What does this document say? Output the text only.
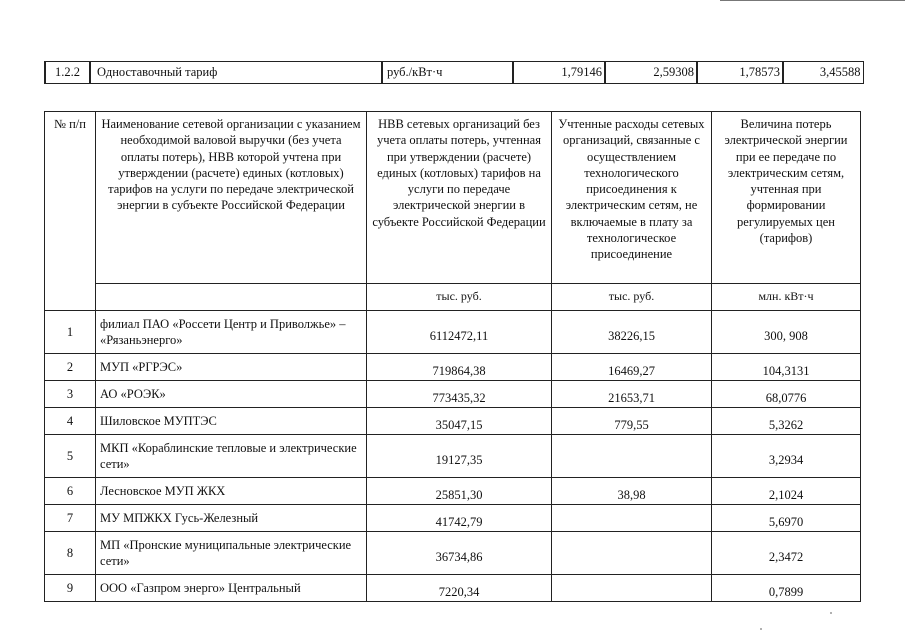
1.2.2	Одноставочный тариф	руб./кВт·ч	1,79146	2,59308	1,78573	3,45588
№ п/п	Наименование сетевой организации с указанием необходимой валовой выручки (без учета оплаты потерь), НВВ которой учтена при утверждении (расчете) единых (котловых) тарифов на услуги по передаче электрической энергии в субъекте Российской Федерации	НВВ сетевых организаций без учета оплаты потерь, учтенная при утверждении (расчете) единых (котловых) тарифов на услуги по передаче электрической энергии в субъекте Российской Федерации	Учтенные расходы сетевых организаций, связанные с осуществлением технологического присоединения к электрическим сетям, не включаемые в плату за технологическое присоединение	Величина потерь электрической энергии при ее передаче по электрическим сетям, учтенная при формировании регулируемых цен (тарифов)

		тыс. руб.	тыс. руб.	млн. кВт·ч
1	филиал ПАО «Россети Центр и Приволжье» – «Рязаньэнерго»	6112472,11	38226,15	300, 908
2	МУП «РГРЭС»	719864,38	16469,27	104,3131
3	АО «РОЭК»	773435,32	21653,71	68,0776
4	Шиловское МУПТЭС	35047,15	779,55	5,3262
5	МКП «Кораблинские тепловые и электрические сети»	19127,35		3,2934
6	Лесновское МУП ЖКХ	25851,30	38,98	2,1024
7	МУ МПЖКХ Гусь-Железный	41742,79		5,6970
8	МП «Пронские муниципальные электрические сети»	36734,86		2,3472
9	ООО «Газпром энерго» Центральный	7220,34		0,7899
